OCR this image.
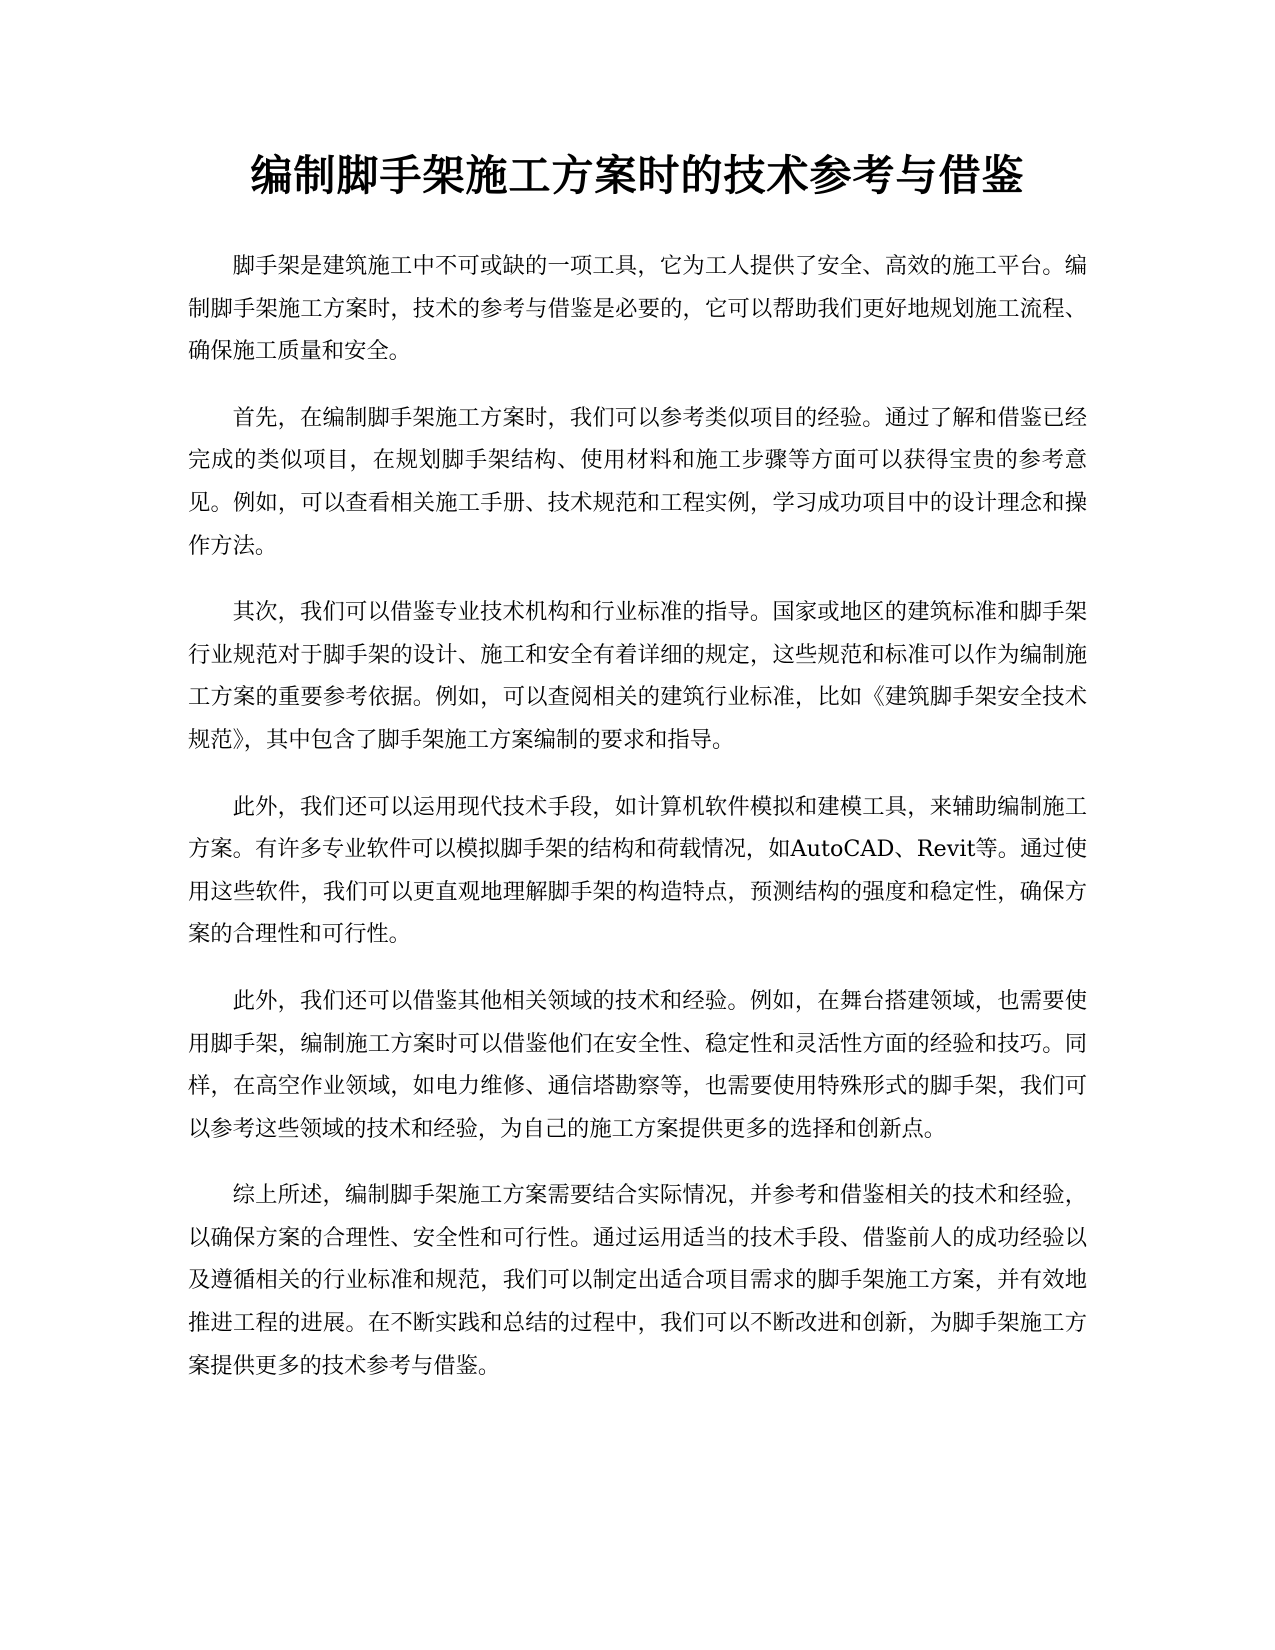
编制脚手架施工方案时的技术参考与借鉴

脚手架是建筑施工中不可或缺的一项工具，它为工人提供了安全、高效的施工平台。编制脚手架施工方案时，技术的参考与借鉴是必要的，它可以帮助我们更好地规划施工流程、确保施工质量和安全。

首先，在编制脚手架施工方案时，我们可以参考类似项目的经验。通过了解和借鉴已经完成的类似项目，在规划脚手架结构、使用材料和施工步骤等方面可以获得宝贵的参考意见。例如，可以查看相关施工手册、技术规范和工程实例，学习成功项目中的设计理念和操作方法。

其次，我们可以借鉴专业技术机构和行业标准的指导。国家或地区的建筑标准和脚手架行业规范对于脚手架的设计、施工和安全有着详细的规定，这些规范和标准可以作为编制施工方案的重要参考依据。例如，可以查阅相关的建筑行业标准，比如《建筑脚手架安全技术规范》，其中包含了脚手架施工方案编制的要求和指导。

此外，我们还可以运用现代技术手段，如计算机软件模拟和建模工具，来辅助编制施工方案。有许多专业软件可以模拟脚手架的结构和荷载情况，如AutoCAD、Revit等。通过使用这些软件，我们可以更直观地理解脚手架的构造特点，预测结构的强度和稳定性，确保方案的合理性和可行性。

此外，我们还可以借鉴其他相关领域的技术和经验。例如，在舞台搭建领域，也需要使用脚手架，编制施工方案时可以借鉴他们在安全性、稳定性和灵活性方面的经验和技巧。同样，在高空作业领域，如电力维修、通信塔勘察等，也需要使用特殊形式的脚手架，我们可以参考这些领域的技术和经验，为自己的施工方案提供更多的选择和创新点。

综上所述，编制脚手架施工方案需要结合实际情况，并参考和借鉴相关的技术和经验，以确保方案的合理性、安全性和可行性。通过运用适当的技术手段、借鉴前人的成功经验以及遵循相关的行业标准和规范，我们可以制定出适合项目需求的脚手架施工方案，并有效地推进工程的进展。在不断实践和总结的过程中，我们可以不断改进和创新，为脚手架施工方案提供更多的技术参考与借鉴。
